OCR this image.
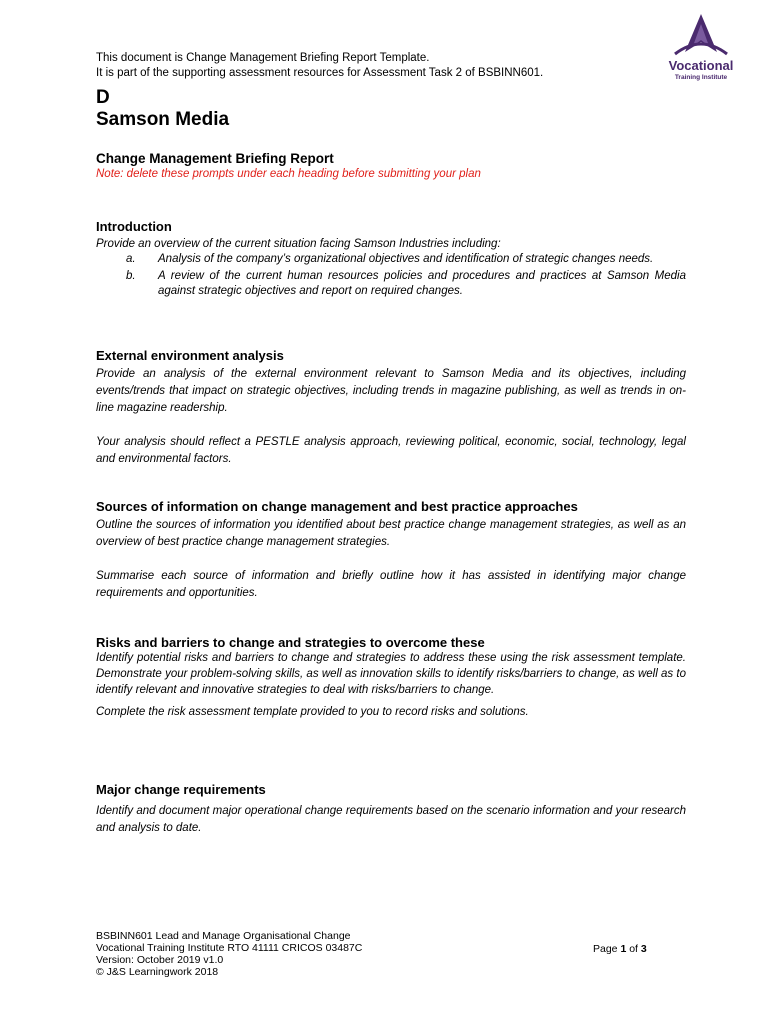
This document is Change Management Briefing Report Template.
It is part of the supporting assessment resources for Assessment Task 2 of BSBINN601.	Vocational
Training Institute
D
Samson Media
Change Management Briefing Report
Note: delete these prompts under each heading before submitting your plan
Introduction

Provide an overview of the current situation facing Samson Industries including:

a.	Analysis of the company’s organizational objectives and identification of strategic changes needs.
b.	A review of the current human resources policies and procedures and practices at Samson Media against strategic objectives and report on required changes.
External environment analysis

Provide an analysis of the external environment relevant to Samson Media and its objectives, including events/trends that impact on strategic objectives, including trends in magazine publishing, as well as trends in on-line magazine readership.

Your analysis should reflect a PESTLE analysis approach, reviewing political, economic, social, technology, legal and environmental factors.

Sources of information on change management and best practice approaches

Outline the sources of information you identified about best practice change management strategies, as well as an overview of best practice change management strategies.

Summarise each source of information and briefly outline how it has assisted in identifying major change requirements and opportunities.

Risks and barriers to change and strategies to overcome these

Identify potential risks and barriers to change and strategies to address these using the risk assessment template. Demonstrate your problem-solving skills, as well as innovation skills to identify risks/barriers to change, as well as to identify relevant and innovative strategies to deal with risks/barriers to change.

Complete the risk assessment template provided to you to record risks and solutions.

Major change requirements

Identify and document major operational change requirements based on the scenario information and your research and analysis to date.

BSBINN601 Lead and Manage Organisational Change
Vocational Training Institute RTO 41111 CRICOS 03487C
Version: October 2019 v1.0
© J&S Learningwork 2018
Page 1 of 3
